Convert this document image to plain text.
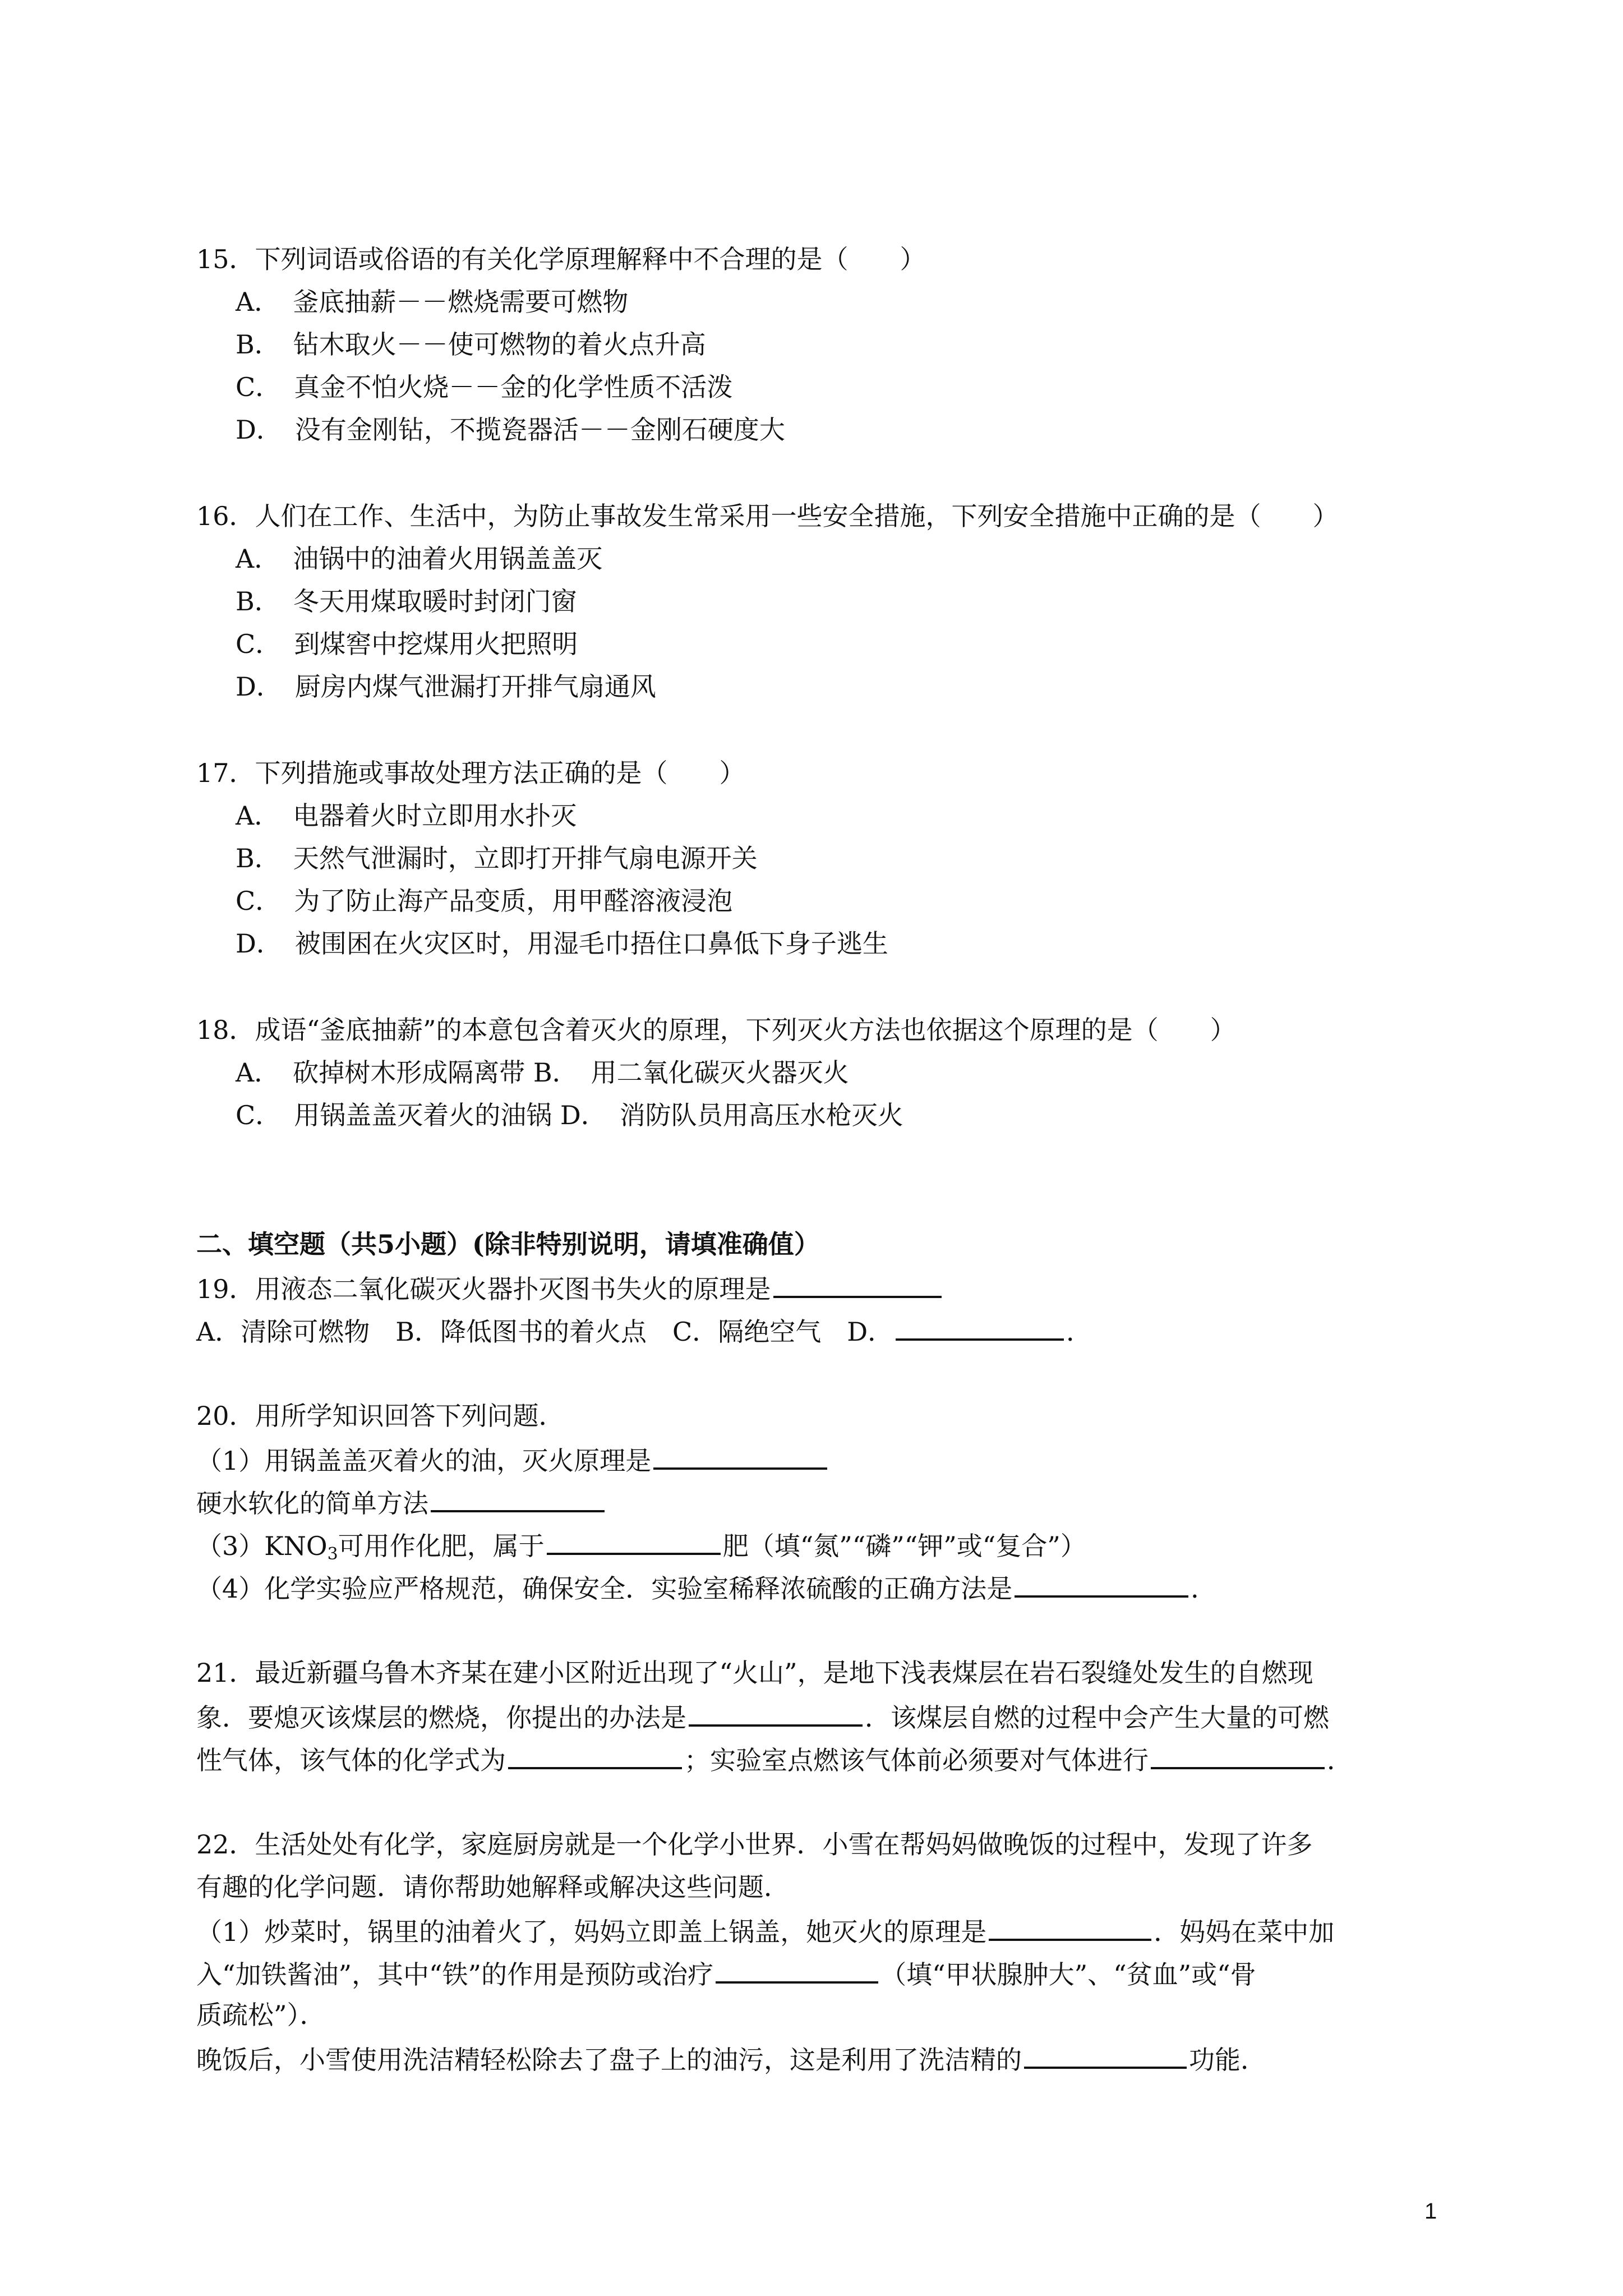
15．下列词语或俗语的有关化学原理解释中不合理的是（　　）
A．　釜底抽薪－－燃烧需要可燃物
B．　钻木取火－－使可燃物的着火点升高
C．　真金不怕火烧－－金的化学性质不活泼
D．　没有金刚钻，不揽瓷器活－－金刚石硬度大
16．人们在工作、生活中，为防止事故发生常采用一些安全措施，下列安全措施中正确的是（　　）
A．　油锅中的油着火用锅盖盖灭
B．　冬天用煤取暖时封闭门窗
C．　到煤窖中挖煤用火把照明
D．　厨房内煤气泄漏打开排气扇通风
17．下列措施或事故处理方法正确的是（　　）
A．　电器着火时立即用水扑灭
B．　天然气泄漏时，立即打开排气扇电源开关
C．　为了防止海产品变质，用甲醛溶液浸泡
D．　被围困在火灾区时，用湿毛巾捂住口鼻低下身子逃生
18．成语“釜底抽薪”的本意包含着灭火的原理，下列灭火方法也依据这个原理的是（　　）
A．　砍掉树木形成隔离带 B．　用二氧化碳灭火器灭火
C．　用锅盖盖灭着火的油锅 D．　消防队员用高压水枪灭火
二、填空题（共5小题）(除非特别说明，请填准确值）
19．用液态二氧化碳灭火器扑灭图书失火的原理是
A．清除可燃物　B．降低图书的着火点　C．隔绝空气　D．	．
20．用所学知识回答下列问题．
（1）用锅盖盖灭着火的油，灭火原理是
硬水软化的简单方法
$(3)KNO_3$可用作化肥，属于	肥（填“氮”“磷”“钾”或“复合”）
（4）化学实验应严格规范，确保安全．实验室稀释浓硫酸的正确方法是	．
21．最近新疆乌鲁木齐某在建小区附近出现了“火山”，是地下浅表煤层在岩石裂缝处发生的自燃现
象．要熄灭该煤层的燃烧，你提出的办法是	．该煤层自燃的过程中会产生大量的可燃
性气体，该气体的化学式为	；实验室点燃该气体前必须要对气体进行	．
22．生活处处有化学，家庭厨房就是一个化学小世界．小雪在帮妈妈做晚饭的过程中，发现了许多
有趣的化学问题．请你帮助她解释或解决这些问题．
（1）炒菜时，锅里的油着火了，妈妈立即盖上锅盖，她灭火的原理是	．妈妈在菜中加
入“加铁酱油”，其中“铁”的作用是预防或治疗	（填“甲状腺肿大”、“贫血”或“骨
质疏松”）．
晚饭后，小雪使用洗洁精轻松除去了盘子上的油污，这是利用了洗洁精的	功能．
1
